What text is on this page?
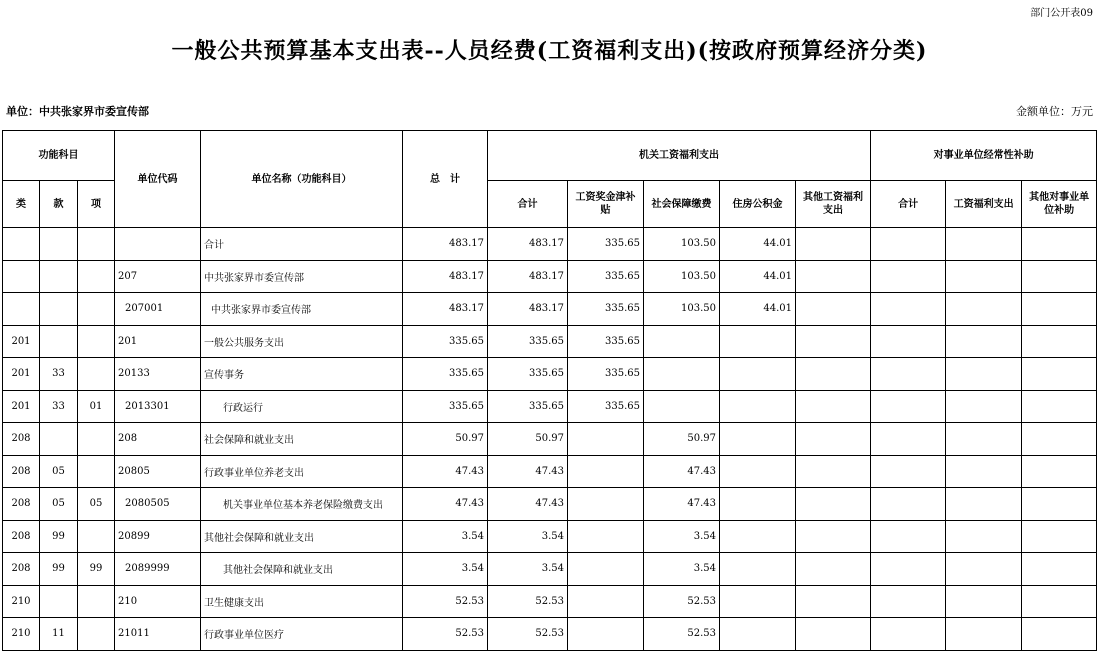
部门公开表09
一般公共预算基本支出表--人员经费(工资福利支出)(按政府预算经济分类)
单位：中共张家界市委宣传部	金额单位：万元
功能科目			单位代码	单位名称（功能科目）	总　计	机关工资福利支出					对事业单位经常性补助		
类	款	项				合计	工资奖金津补贴	社会保障缴费	住房公积金	其他工资福利支出	合计	工资福利支出	其他对事业单位补助
				合计	483.17	483.17	335.65	103.50	44.01				
			207	中共张家界市委宣传部	483.17	483.17	335.65	103.50	44.01				
			207001	中共张家界市委宣传部	483.17	483.17	335.65	103.50	44.01				
201			201	一般公共服务支出	335.65	335.65	335.65						
201	33		20133	宣传事务	335.65	335.65	335.65						
201	33	01	2013301	行政运行	335.65	335.65	335.65						
208			208	社会保障和就业支出	50.97	50.97		50.97					
208	05		20805	行政事业单位养老支出	47.43	47.43		47.43					
208	05	05	2080505	机关事业单位基本养老保险缴费支出	47.43	47.43		47.43					
208	99		20899	其他社会保障和就业支出	3.54	3.54		3.54					
208	99	99	2089999	其他社会保障和就业支出	3.54	3.54		3.54					
210			210	卫生健康支出	52.53	52.53		52.53					
210	11		21011	行政事业单位医疗	52.53	52.53		52.53					
